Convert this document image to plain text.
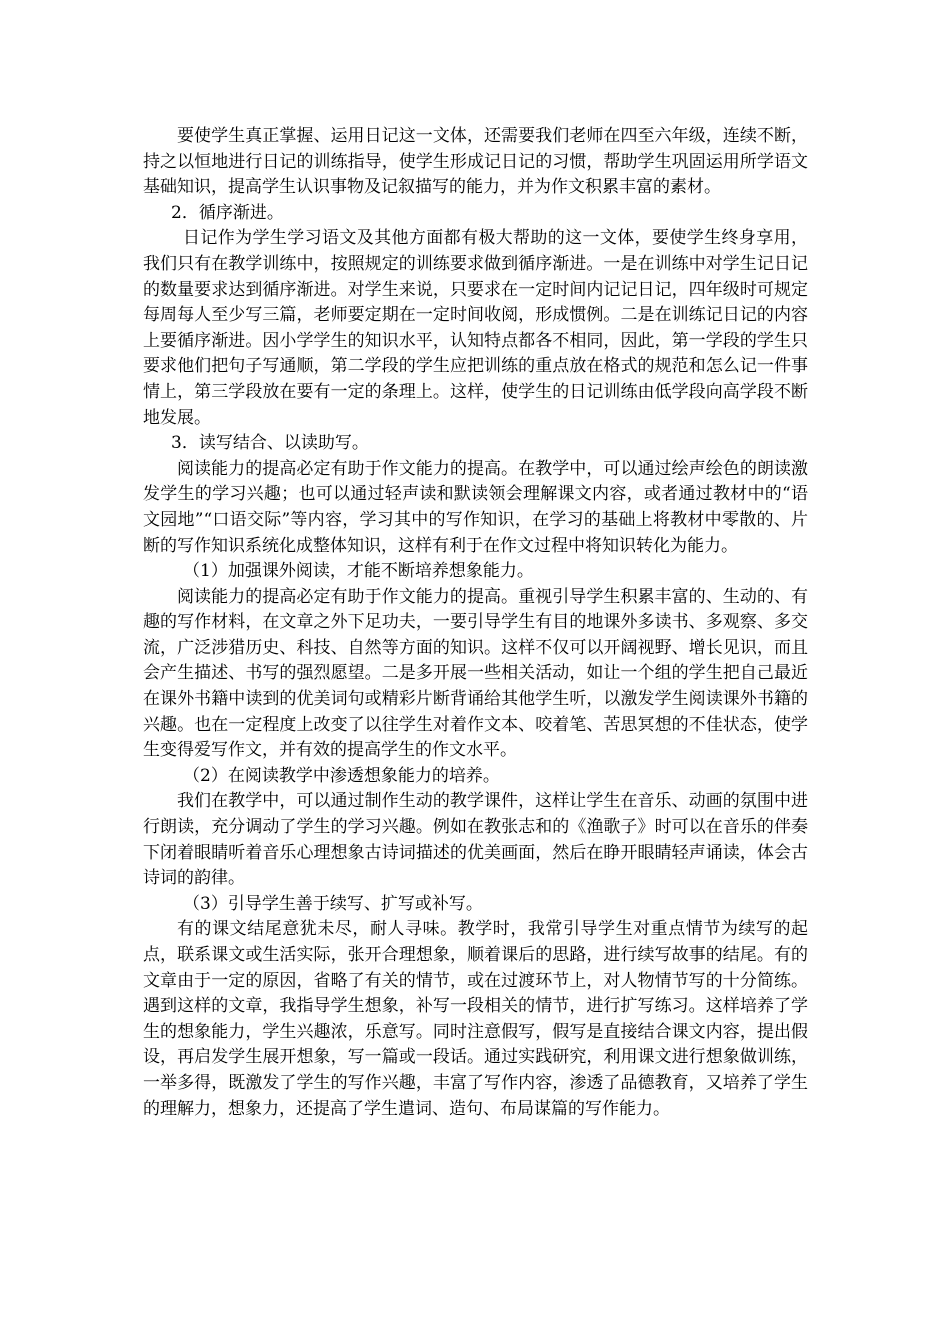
要使学生真正掌握、运用日记这一文体，还需要我们老师在四至六年级，连续不断，持之以恒地进行日记的训练指导，使学生形成记日记的习惯，帮助学生巩固运用所学语文基础知识，提高学生认识事物及记叙描写的能力，并为作文积累丰富的素材。

2．循序渐进。

日记作为学生学习语文及其他方面都有极大帮助的这一文体，要使学生终身享用，我们只有在教学训练中，按照规定的训练要求做到循序渐进。一是在训练中对学生记日记的数量要求达到循序渐进。对学生来说，只要求在一定时间内记记日记，四年级时可规定每周每人至少写三篇，老师要定期在一定时间收阅，形成惯例。二是在训练记日记的内容上要循序渐进。因小学学生的知识水平，认知特点都各不相同，因此，第一学段的学生只要求他们把句子写通顺，第二学段的学生应把训练的重点放在格式的规范和怎么记一件事情上，第三学段放在要有一定的条理上。这样，使学生的日记训练由低学段向高学段不断地发展。

3．读写结合、以读助写。

阅读能力的提高必定有助于作文能力的提高。在教学中，可以通过绘声绘色的朗读激发学生的学习兴趣；也可以通过轻声读和默读领会理解课文内容，或者通过教材中的“语文园地”“口语交际”等内容，学习其中的写作知识，在学习的基础上将教材中零散的、片断的写作知识系统化成整体知识，这样有利于在作文过程中将知识转化为能力。

（1）加强课外阅读，才能不断培养想象能力。

阅读能力的提高必定有助于作文能力的提高。重视引导学生积累丰富的、生动的、有趣的写作材料，在文章之外下足功夫，一要引导学生有目的地课外多读书、多观察、多交流，广泛涉猎历史、科技、自然等方面的知识。这样不仅可以开阔视野、增长见识，而且会产生描述、书写的强烈愿望。二是多开展一些相关活动，如让一个组的学生把自己最近在课外书籍中读到的优美词句或精彩片断背诵给其他学生听，以激发学生阅读课外书籍的兴趣。也在一定程度上改变了以往学生对着作文本、咬着笔、苦思冥想的不佳状态，使学生变得爱写作文，并有效的提高学生的作文水平。

（2）在阅读教学中渗透想象能力的培养。

我们在教学中，可以通过制作生动的教学课件，这样让学生在音乐、动画的氛围中进行朗读，充分调动了学生的学习兴趣。例如在教张志和的《渔歌子》时可以在音乐的伴奏下闭着眼睛听着音乐心理想象古诗词描述的优美画面，然后在睁开眼睛轻声诵读，体会古诗词的韵律。

（3）引导学生善于续写、扩写或补写。

有的课文结尾意犹未尽，耐人寻味。教学时，我常引导学生对重点情节为续写的起点，联系课文或生活实际，张开合理想象，顺着课后的思路，进行续写故事的结尾。有的文章由于一定的原因，省略了有关的情节，或在过渡环节上，对人物情节写的十分简练。遇到这样的文章，我指导学生想象，补写一段相关的情节，进行扩写练习。这样培养了学生的想象能力，学生兴趣浓，乐意写。同时注意假写，假写是直接结合课文内容，提出假设，再启发学生展开想象，写一篇或一段话。通过实践研究，利用课文进行想象做训练，一举多得，既激发了学生的写作兴趣，丰富了写作内容，渗透了品德教育，又培养了学生的理解力，想象力，还提高了学生遣词、造句、布局谋篇的写作能力。
